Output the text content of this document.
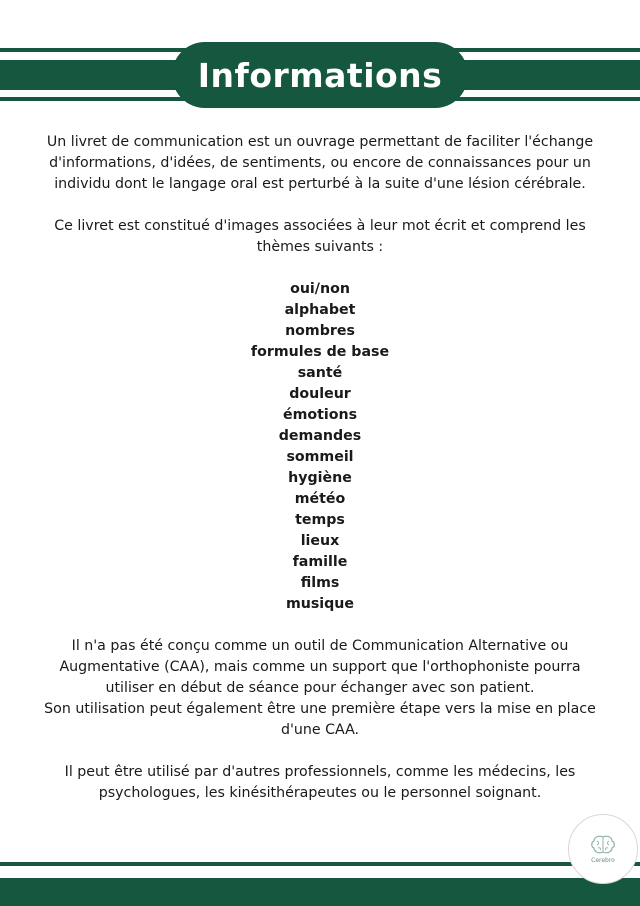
Informations

Un livret de communication est un ouvrage permettant de faciliter l'échange
d'informations, d'idées, de sentiments, ou encore de connaissances pour un
individu dont le langage oral est perturbé à la suite d'une lésion cérébrale.

Ce livret est constitué d'images associées à leur mot écrit et comprend les
thèmes suivants :

oui/non
alphabet
nombres
formules de base
santé
douleur
émotions
demandes
sommeil
hygiène
météo
temps
lieux
famille
films
musique

Il n'a pas été conçu comme un outil de Communication Alternative ou
Augmentative (CAA), mais comme un support que l'orthophoniste pourra
utiliser en début de séance pour échanger avec son patient.
Son utilisation peut également être une première étape vers la mise en place
d'une CAA.

Il peut être utilisé par d'autres professionnels, comme les médecins, les
psychologues, les kinésithérapeutes ou le personnel soignant.

Cerebro
